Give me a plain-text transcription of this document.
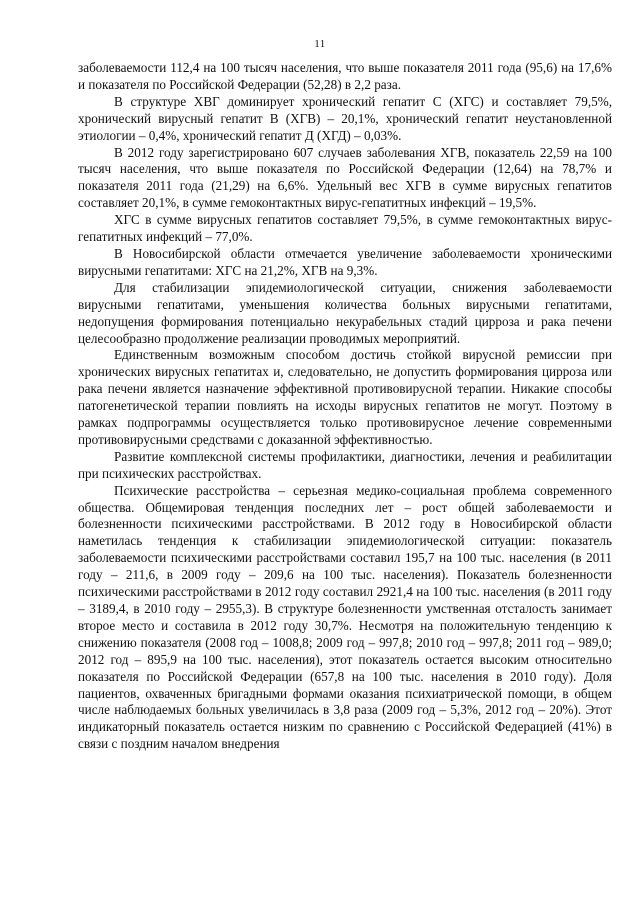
11

заболеваемости 112,4 на 100 тысяч населения, что выше показателя 2011 года (95,6) на 17,6% и показателя по Российской Федерации (52,28) в 2,2 раза.

В структуре ХВГ доминирует хронический гепатит С (ХГС) и составляет 79,5%, хронический вирусный гепатит В (ХГВ) – 20,1%, хронический гепатит неустановленной этиологии – 0,4%, хронический гепатит Д (ХГД) – 0,03%.

В 2012 году зарегистрировано 607 случаев заболевания ХГВ, показатель 22,59 на 100 тысяч населения, что выше показателя по Российской Федерации (12,64) на 78,7% и показателя 2011 года (21,29) на 6,6%. Удельный вес ХГВ в сумме вирусных гепатитов составляет 20,1%, в сумме гемоконтактных вирус-гепатитных инфекций – 19,5%.

ХГС в сумме вирусных гепатитов составляет 79,5%, в сумме гемоконтактных вирус-гепатитных инфекций – 77,0%.

В Новосибирской области отмечается увеличение заболеваемости хроническими вирусными гепатитами: ХГС на 21,2%, ХГВ на 9,3%.

Для стабилизации эпидемиологической ситуации, снижения заболеваемости вирусными гепатитами, уменьшения количества больных вирусными гепатитами, недопущения формирования потенциально некурабельных стадий цирроза и рака печени целесообразно продолжение реализации проводимых мероприятий.

Единственным возможным способом достичь стойкой вирусной ремиссии при хронических вирусных гепатитах и, следовательно, не допустить формирования цирроза или рака печени является назначение эффективной противовирусной терапии. Никакие способы патогенетической терапии повлиять на исходы вирусных гепатитов не могут. Поэтому в рамках подпрограммы осуществляется только противовирусное лечение современными противовирусными средствами с доказанной эффективностью.

Развитие комплексной системы профилактики, диагностики, лечения и реабилитации при психических расстройствах.

Психические расстройства – серьезная медико-социальная проблема современного общества. Общемировая тенденция последних лет – рост общей заболеваемости и болезненности психическими расстройствами. В 2012 году в Новосибирской области наметилась тенденция к стабилизации эпидемиологической ситуации: показатель заболеваемости психическими расстройствами составил 195,7 на 100 тыс. населения (в 2011 году – 211,6, в 2009 году – 209,6 на 100 тыс. населения). Показатель болезненности психическими расстройствами в 2012 году составил 2921,4 на 100 тыс. населения (в 2011 году – 3189,4, в 2010 году – 2955,3). В структуре болезненности умственная отсталость занимает второе место и составила в 2012 году 30,7%. Несмотря на положительную тенденцию к снижению показателя (2008 год – 1008,8; 2009 год – 997,8; 2010 год – 997,8; 2011 год – 989,0; 2012 год – 895,9 на 100 тыс. населения), этот показатель остается высоким относительно показателя по Российской Федерации (657,8 на 100 тыс. населения в 2010 году). Доля пациентов, охваченных бригадными формами оказания психиатрической помощи, в общем числе наблюдаемых больных увеличилась в 3,8 раза (2009 год – 5,3%, 2012 год – 20%). Этот индикаторный показатель остается низким по сравнению с Российской Федерацией (41%) в связи с поздним началом внедрения
